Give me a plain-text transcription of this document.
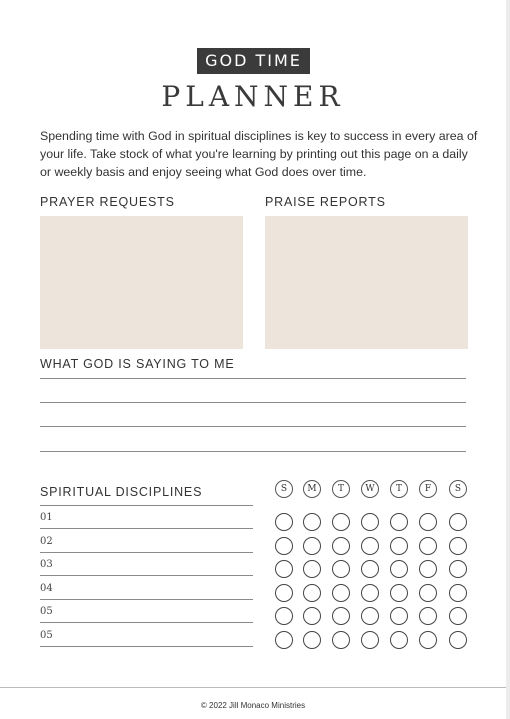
GOD TIME
PLANNER
Spending time with God in spiritual disciplines is key to success in every area of your life. Take stock of what you're learning by printing out this page on a daily or weekly basis and enjoy seeing what God does over time.
PRAYER REQUESTS	PRAISE REPORTS
WHAT GOD IS SAYING TO ME
SPIRITUAL DISCIPLINES	S	M	T	W	T	F	S
01
02
03
04
05
05
© 2022 Jill Monaco Ministries
